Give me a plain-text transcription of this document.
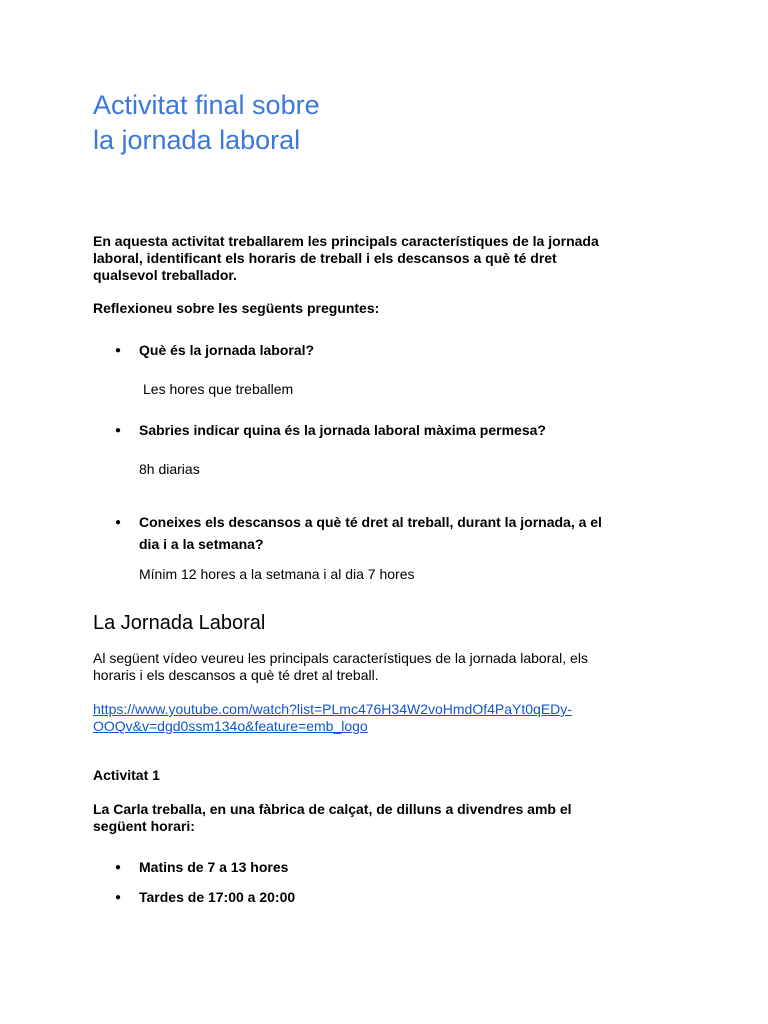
Activitat final sobre
la jornada laboral
En aquesta activitat treballarem les principals característiques de la jornada
laboral, identificant els horaris de treball i els descansos a què té dret
qualsevol treballador.
Reflexioneu sobre les següents preguntes:
● Què és la jornada laboral?
Les hores que treballem
● Sabries indicar quina és la jornada laboral màxima permesa?
8h diarias
● Coneixes els descansos a què té dret al treball, durant la jornada, a el
dia i a la setmana?
Mínim 12 hores a la setmana i al dia 7 hores
La Jornada Laboral
Al següent vídeo veureu les principals característiques de la jornada laboral, els
horaris i els descansos a què té dret al treball.
https://www.youtube.com/watch?list=PLmc476H34W2voHmdOf4PaYt0qEDy-
OOQv&v=dgd0ssm134o&feature=emb_logo
Activitat 1
La Carla treballa, en una fàbrica de calçat, de dilluns a divendres amb el
següent horari:
● Matins de 7 a 13 hores
● Tardes de 17:00 a 20:00
